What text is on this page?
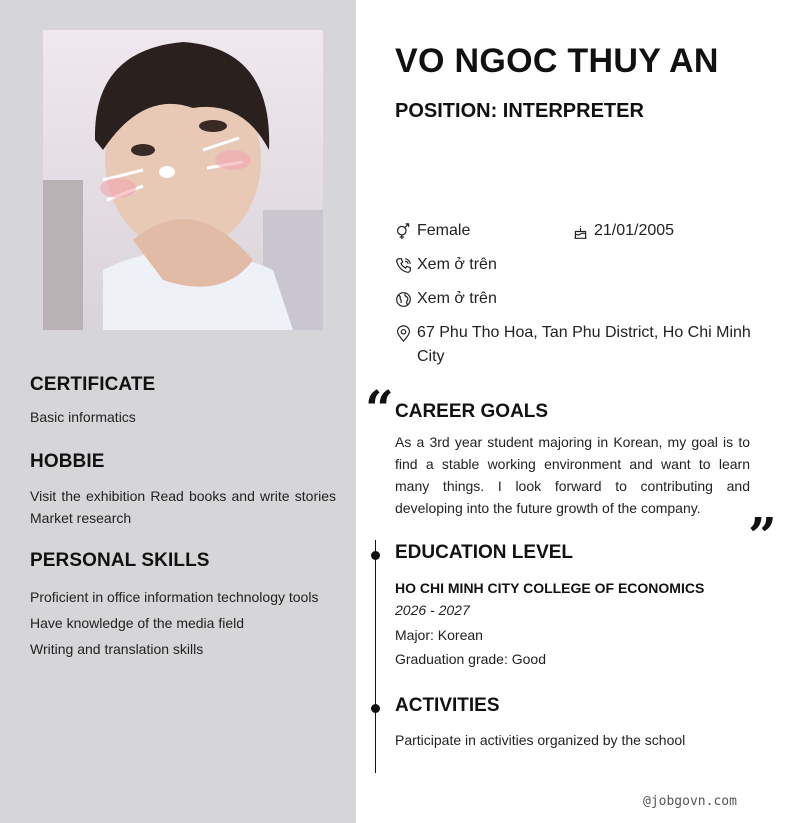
CERTIFICATE
Basic informatics
HOBBIE
Visit the exhibition Read books and write stories Market research
PERSONAL SKILLS
Proficient in office information technology tools
Have knowledge of the media field
Writing and translation skills
VO NGOC THUY AN
POSITION: INTERPRETER
Female	21/01/2005
Xem ở trên
Xem ở trên
67 Phu Tho Hoa, Tan Phu District, Ho Chi Minh City
“ CAREER GOALS
As a 3rd year student majoring in Korean, my goal is to find a stable working environment and want to learn many things. I look forward to contributing and developing into the future growth of the company. ”
EDUCATION LEVEL
HO CHI MINH CITY COLLEGE OF ECONOMICS
2026 - 2027
Major: Korean
Graduation grade: Good
ACTIVITIES
Participate in activities organized by the school
@jobgovn.com
